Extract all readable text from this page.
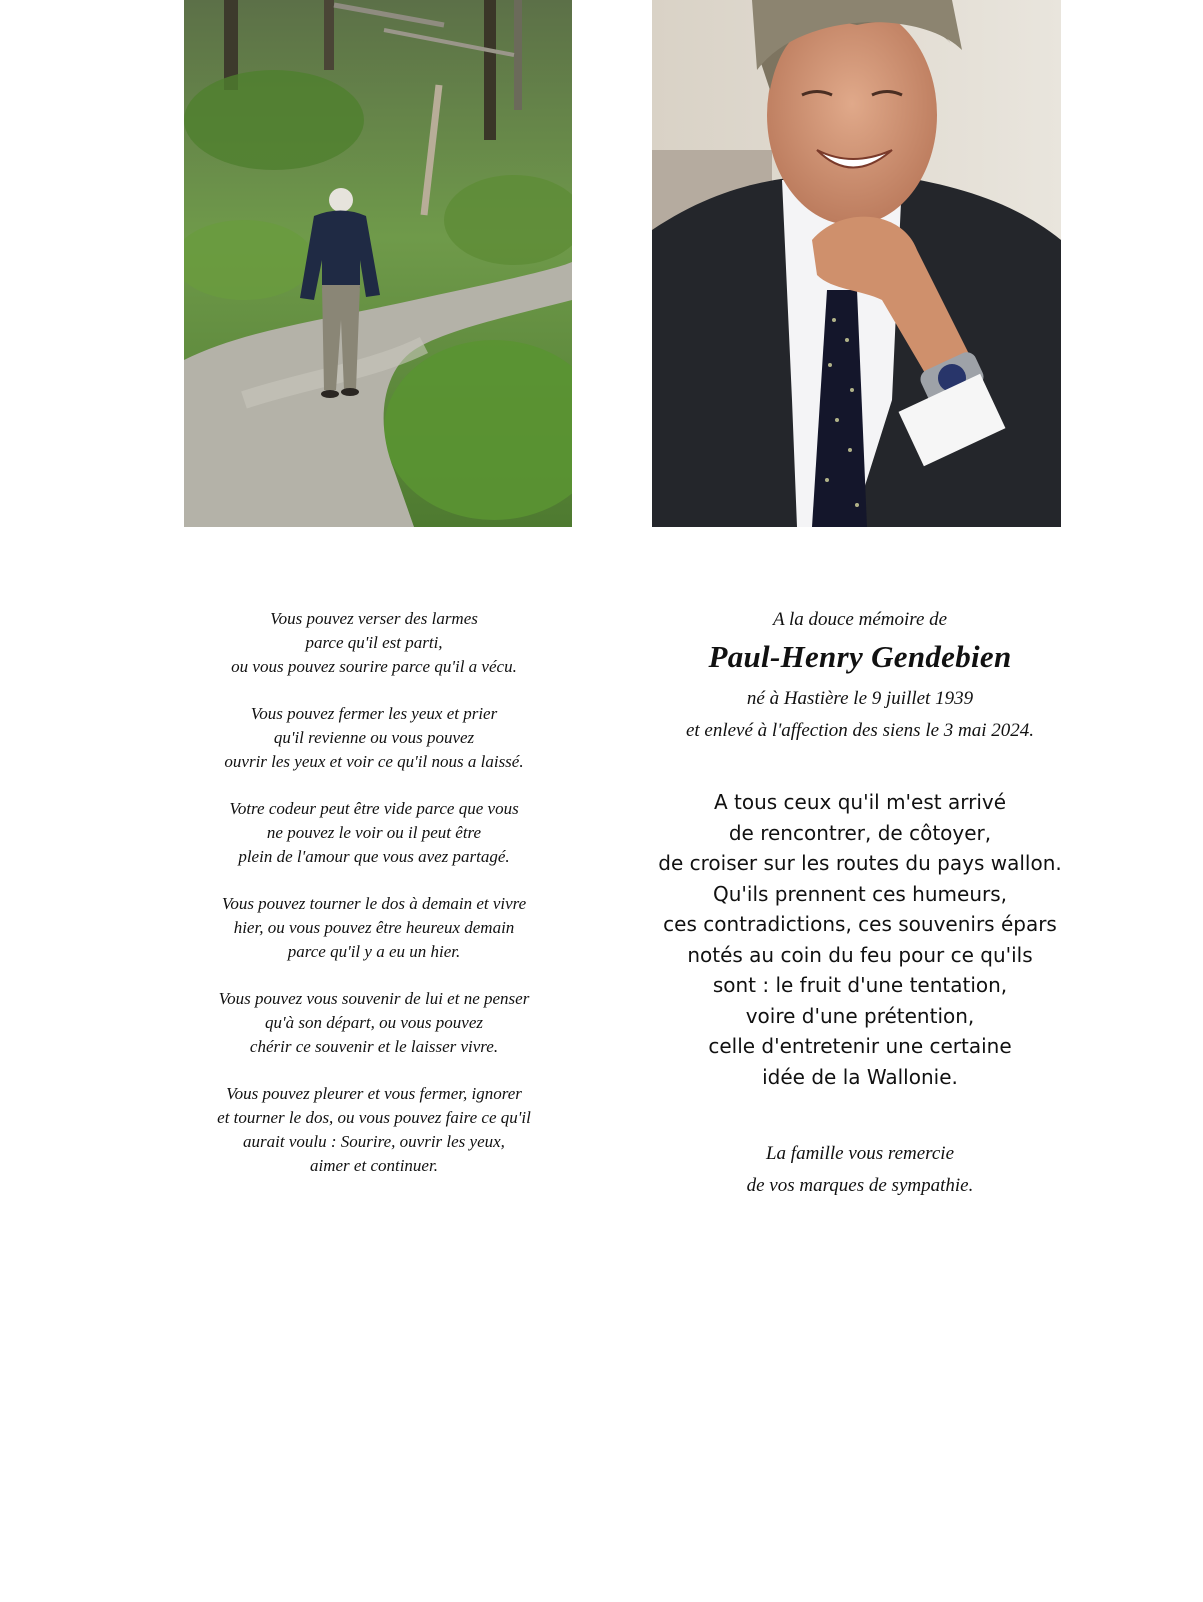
Vous pouvez verser des larmes
parce qu'il est parti,
ou vous pouvez sourire parce qu'il a vécu.
Vous pouvez fermer les yeux et prier
qu'il revienne ou vous pouvez
ouvrir les yeux et voir ce qu'il nous a laissé.
Votre codeur peut être vide parce que vous
ne pouvez le voir ou il peut être
plein de l'amour que vous avez partagé.
Vous pouvez tourner le dos à demain et vivre
hier, ou vous pouvez être heureux demain
parce qu'il y a eu un hier.
Vous pouvez vous souvenir de lui et ne penser
qu'à son départ, ou vous pouvez
chérir ce souvenir et le laisser vivre.
Vous pouvez pleurer et vous fermer, ignorer
et tourner le dos, ou vous pouvez faire ce qu'il
aurait voulu : Sourire, ouvrir les yeux,
aimer et continuer.

A la douce mémoire de

Paul-Henry Gendebien
né à Hastière le 9 juillet 1939
et enlevé à l'affection des siens le 3 mai 2024.
A tous ceux qu'il m'est arrivé
de rencontrer, de côtoyer,
de croiser sur les routes du pays wallon.
Qu'ils prennent ces humeurs,
ces contradictions, ces souvenirs épars
notés au coin du feu pour ce qu'ils
sont : le fruit d'une tentation,
voire d'une prétention,
celle d'entretenir une certaine
idée de la Wallonie.
La famille vous remercie
de vos marques de sympathie.
